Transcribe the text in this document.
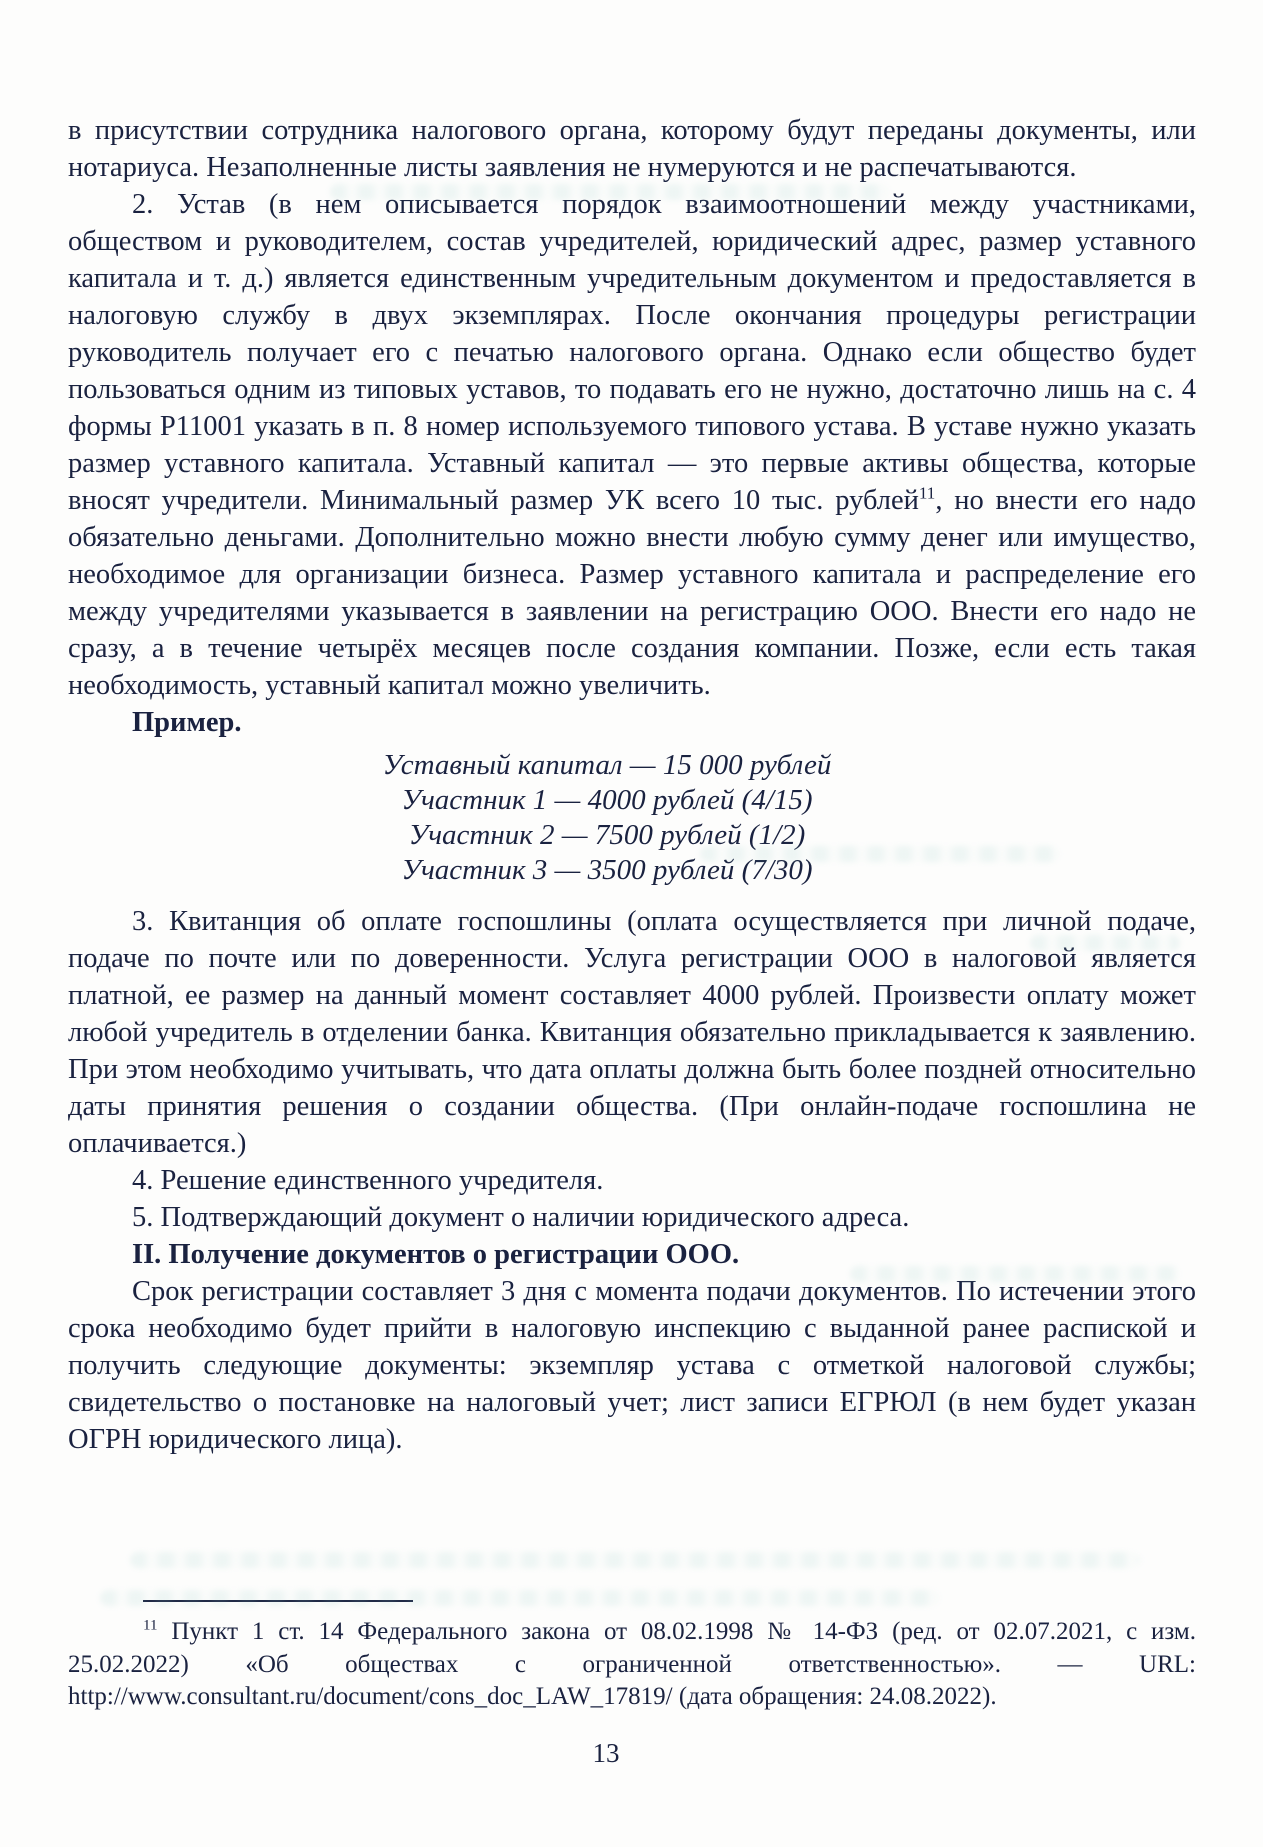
в присутствии сотрудника налогового органа, которому будут переданы документы, или нотариуса. Незаполненные листы заявления не нумеруются и не распечатываются.

2. Устав (в нем описывается порядок взаимоотношений между участниками, обществом и руководителем, состав учредителей, юридический адрес, размер уставного капитала и т. д.) является единственным учредительным документом и предоставляется в налоговую службу в двух экземплярах. После окончания процедуры регистрации руководитель получает его с печатью налогового органа. Однако если общество будет пользоваться одним из типовых уставов, то подавать его не нужно, достаточно лишь на с. 4 формы Р11001 указать в п. 8 номер используемого типового устава. В уставе нужно указать размер уставного капитала. Уставный капитал — это первые активы общества, которые вносят учредители. Минимальный размер УК всего 10 тыс. рублей$^{11}$, но внести его надо обязательно деньгами. Дополнительно можно внести любую сумму денег или имущество, необходимое для организации бизнеса. Размер уставного капитала и распределение его между учредителями указывается в заявлении на регистрацию ООО. Внести его надо не сразу, а в течение четырёх месяцев после создания компании. Позже, если есть такая необходимость, уставный капитал можно увеличить.

Пример.

Уставный капитал — 15 000 рублей
Участник 1 — 4000 рублей (4/15)
Участник 2 — 7500 рублей (1/2)
Участник 3 — 3500 рублей (7/30)

3. Квитанция об оплате госпошлины (оплата осуществляется при личной подаче, подаче по почте или по доверенности. Услуга регистрации ООО в налоговой является платной, ее размер на данный момент составляет 4000 рублей. Произвести оплату может любой учредитель в отделении банка. Квитанция обязательно прикладывается к заявлению. При этом необходимо учитывать, что дата оплаты должна быть более поздней относительно даты принятия решения о создании общества. (При онлайн-подаче госпошлина не оплачивается.)

4. Решение единственного учредителя.

5. Подтверждающий документ о наличии юридического адреса.

II. Получение документов о регистрации ООО.

Срок регистрации составляет 3 дня с момента подачи документов. По истечении этого срока необходимо будет прийти в налоговую инспекцию с выданной ранее распиской и получить следующие документы: экземпляр устава с отметкой налоговой службы; свидетельство о постановке на налоговый учет; лист записи ЕГРЮЛ (в нем будет указан ОГРН юридического лица).

$^{11}$ Пункт 1 ст. 14 Федерального закона от 08.02.1998 № 14-ФЗ (ред. от 02.07.2021, с изм. 25.02.2022) «Об обществах с ограниченной ответственностью». — URL: http://www.consultant.ru/document/cons_doc_LAW_17819/ (дата обращения: 24.08.2022).

13
